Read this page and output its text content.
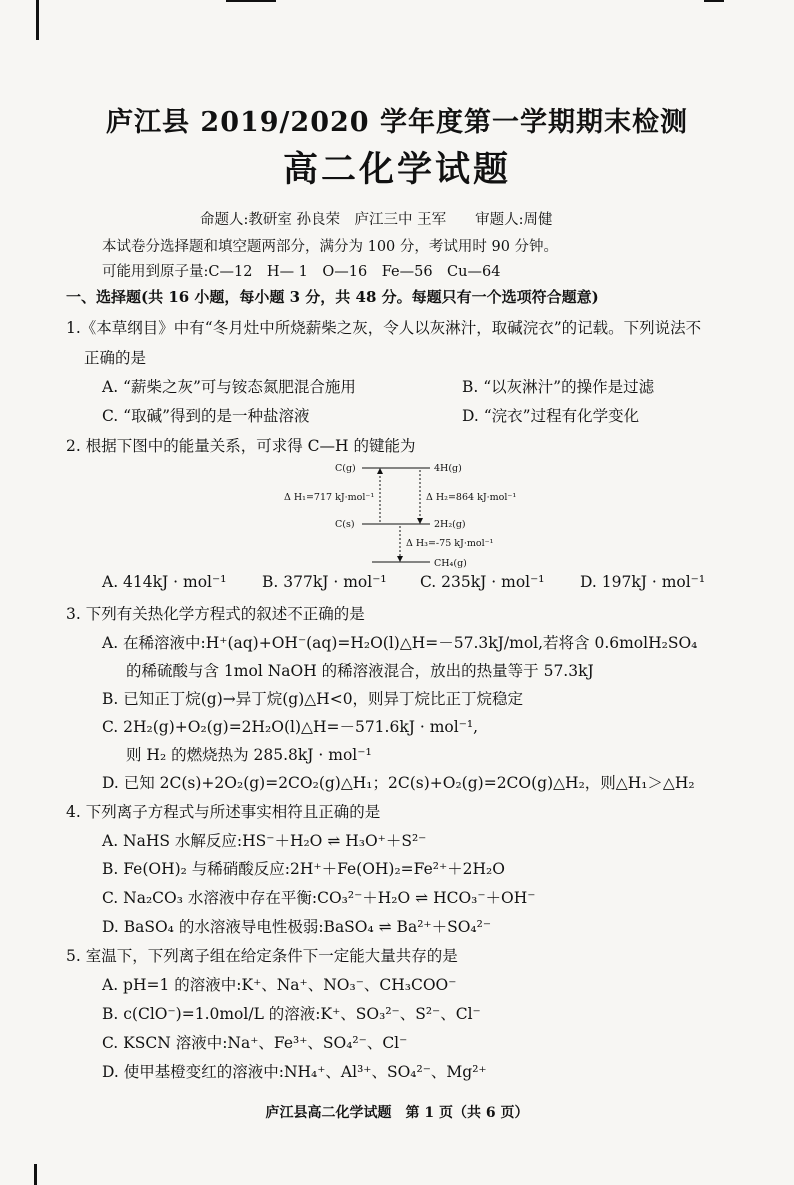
庐江县 2019/2020 学年度第一学期期末检测
高二化学试题
命题人:教研室 孙良荣　庐江三中 王军　　审题人:周健
本试卷分选择题和填空题两部分，满分为 100 分，考试用时 90 分钟。
可能用到原子量:C—12　H— 1　O—16　Fe—56　Cu—64
一、选择题(共 16 小题，每小题 3 分，共 48 分。每题只有一个选项符合题意)
1.《本草纲目》中有“冬月灶中所烧薪柴之灰，令人以灰淋汁，取碱浣衣”的记载。下列说法不
正确的是
A. “薪柴之灰”可与铵态氮肥混合施用	B. “以灰淋汁”的操作是过滤
C. “取碱”得到的是一种盐溶液	D. “浣衣”过程有化学变化
2. 根据下图中的能量关系，可求得 C—H 的键能为
C(g)	4H(g)
Δ H₁=717 kJ·mol⁻¹	Δ H₂=864 kJ·mol⁻¹
C(s)	2H₂(g)
Δ H₃=-75 kJ·mol⁻¹
CH₄(g)
A. 414kJ · mol⁻¹ B. 377kJ · mol⁻¹ C. 235kJ · mol⁻¹ D. 197kJ · mol⁻¹
3. 下列有关热化学方程式的叙述不正确的是
A. 在稀溶液中:H⁺(aq)+OH⁻(aq)=H₂O(l)△H=－57.3kJ/mol,若将含 0.6molH₂SO₄
的稀硫酸与含 1mol NaOH 的稀溶液混合，放出的热量等于 57.3kJ
B. 已知正丁烷(g)→异丁烷(g)△H<0，则异丁烷比正丁烷稳定
C. 2H₂(g)+O₂(g)=2H₂O(l)△H=－571.6kJ · mol⁻¹,
则 H₂ 的燃烧热为 285.8kJ · mol⁻¹
D. 已知 2C(s)+2O₂(g)=2CO₂(g)△H₁；2C(s)+O₂(g)=2CO(g)△H₂，则△H₁＞△H₂
4. 下列离子方程式与所述事实相符且正确的是
A. NaHS 水解反应:HS⁻＋H₂O ⇌ H₃O⁺＋S²⁻
B. Fe(OH)₂ 与稀硝酸反应:2H⁺＋Fe(OH)₂=Fe²⁺＋2H₂O
C. Na₂CO₃ 水溶液中存在平衡:CO₃²⁻＋H₂O ⇌ HCO₃⁻＋OH⁻
D. BaSO₄ 的水溶液导电性极弱:BaSO₄ ⇌ Ba²⁺＋SO₄²⁻
5. 室温下，下列离子组在给定条件下一定能大量共存的是
A. pH=1 的溶液中:K⁺、Na⁺、NO₃⁻、CH₃COO⁻
B. c(ClO⁻)=1.0mol/L 的溶液:K⁺、SO₃²⁻、S²⁻、Cl⁻
C. KSCN 溶液中:Na⁺、Fe³⁺、SO₄²⁻、Cl⁻
D. 使甲基橙变红的溶液中:NH₄⁺、Al³⁺、SO₄²⁻、Mg²⁺
庐江县高二化学试题　第 1 页（共 6 页）
